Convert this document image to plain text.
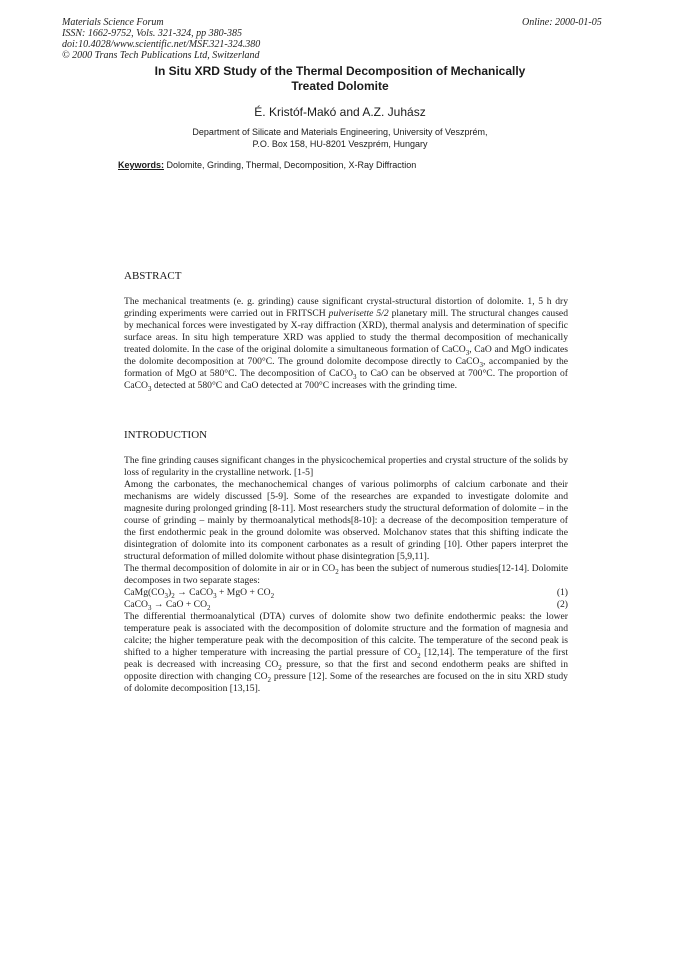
Materials Science Forum
ISSN: 1662-9752, Vols. 321-324, pp 380-385
doi:10.4028/www.scientific.net/MSF.321-324.380
© 2000 Trans Tech Publications Ltd, Switzerland
Online: 2000-01-05
In Situ XRD Study of the Thermal Decomposition of Mechanically
Treated Dolomite
É. Kristóf-Makó and A.Z. Juhász
Department of Silicate and Materials Engineering, University of Veszprém,
P.O. Box 158, HU-8201 Veszprém, Hungary
Keywords: Dolomite, Grinding, Thermal, Decomposition, X-Ray Diffraction
ABSTRACT

The mechanical treatments (e. g. grinding) cause significant crystal-structural distortion of dolomite. 1, 5 h dry grinding experiments were carried out in FRITSCH pulverisette 5/2 planetary mill. The structural changes caused by mechanical forces were investigated by X-ray diffraction (XRD), thermal analysis and determination of specific surface areas. In situ high temperature XRD was applied to study the thermal decomposition of mechanically treated dolomite. In the case of the original dolomite a simultaneous formation of CaCO$_3$, CaO and MgO indicates the dolomite decomposition at 700°C. The ground dolomite decompose directly to CaCO$_3$, accompanied by the formation of MgO at 580°C. The decomposition of CaCO$_3$ to CaO can be observed at 700°C. The proportion of CaCO$_3$ detected at 580°C and CaO detected at 700°C increases with the grinding time.

INTRODUCTION

The fine grinding causes significant changes in the physicochemical properties and crystal structure of the solids by loss of regularity in the crystalline network. [1-5]

Among the carbonates, the mechanochemical changes of various polimorphs of calcium carbonate and their mechanisms are widely discussed [5-9]. Some of the researches are expanded to investigate dolomite and magnesite during prolonged grinding [8-11]. Most researchers study the structural deformation of dolomite – in the course of grinding – mainly by thermoanalytical methods[8-10]: a decrease of the decomposition temperature of the first endothermic peak in the ground dolomite was observed. Molchanov states that this shifting indicate the disintegration of dolomite into its component carbonates as a result of grinding [10]. Other papers interpret the structural deformation of milled dolomite without phase disintegration [5,9,11].

The thermal decomposition of dolomite in air or in $CO_2$ has been the subject of numerous studies[12-14]. Dolomite decomposes in two separate stages:

$CaMg(CO_3)_2$ → CaCO$_3$ + MgO + $CO_2$	(1)
CaCO$_3$ → CaO + $CO_2$	(2)

The differential thermoanalytical (DTA) curves of dolomite show two definite endothermic peaks: the lower temperature peak is associated with the decomposition of dolomite structure and the formation of magnesia and calcite; the higher temperature peak with the decomposition of this calcite. The temperature of the second peak is shifted to a higher temperature with increasing the partial pressure of $CO_2$ [12,14]. The temperature of the first peak is decreased with increasing $CO_2$ pressure, so that the first and second endotherm peaks are shifted in opposite direction with changing $CO_2$ pressure [12]. Some of the researches are focused on the in situ XRD study of dolomite decomposition [13,15].
